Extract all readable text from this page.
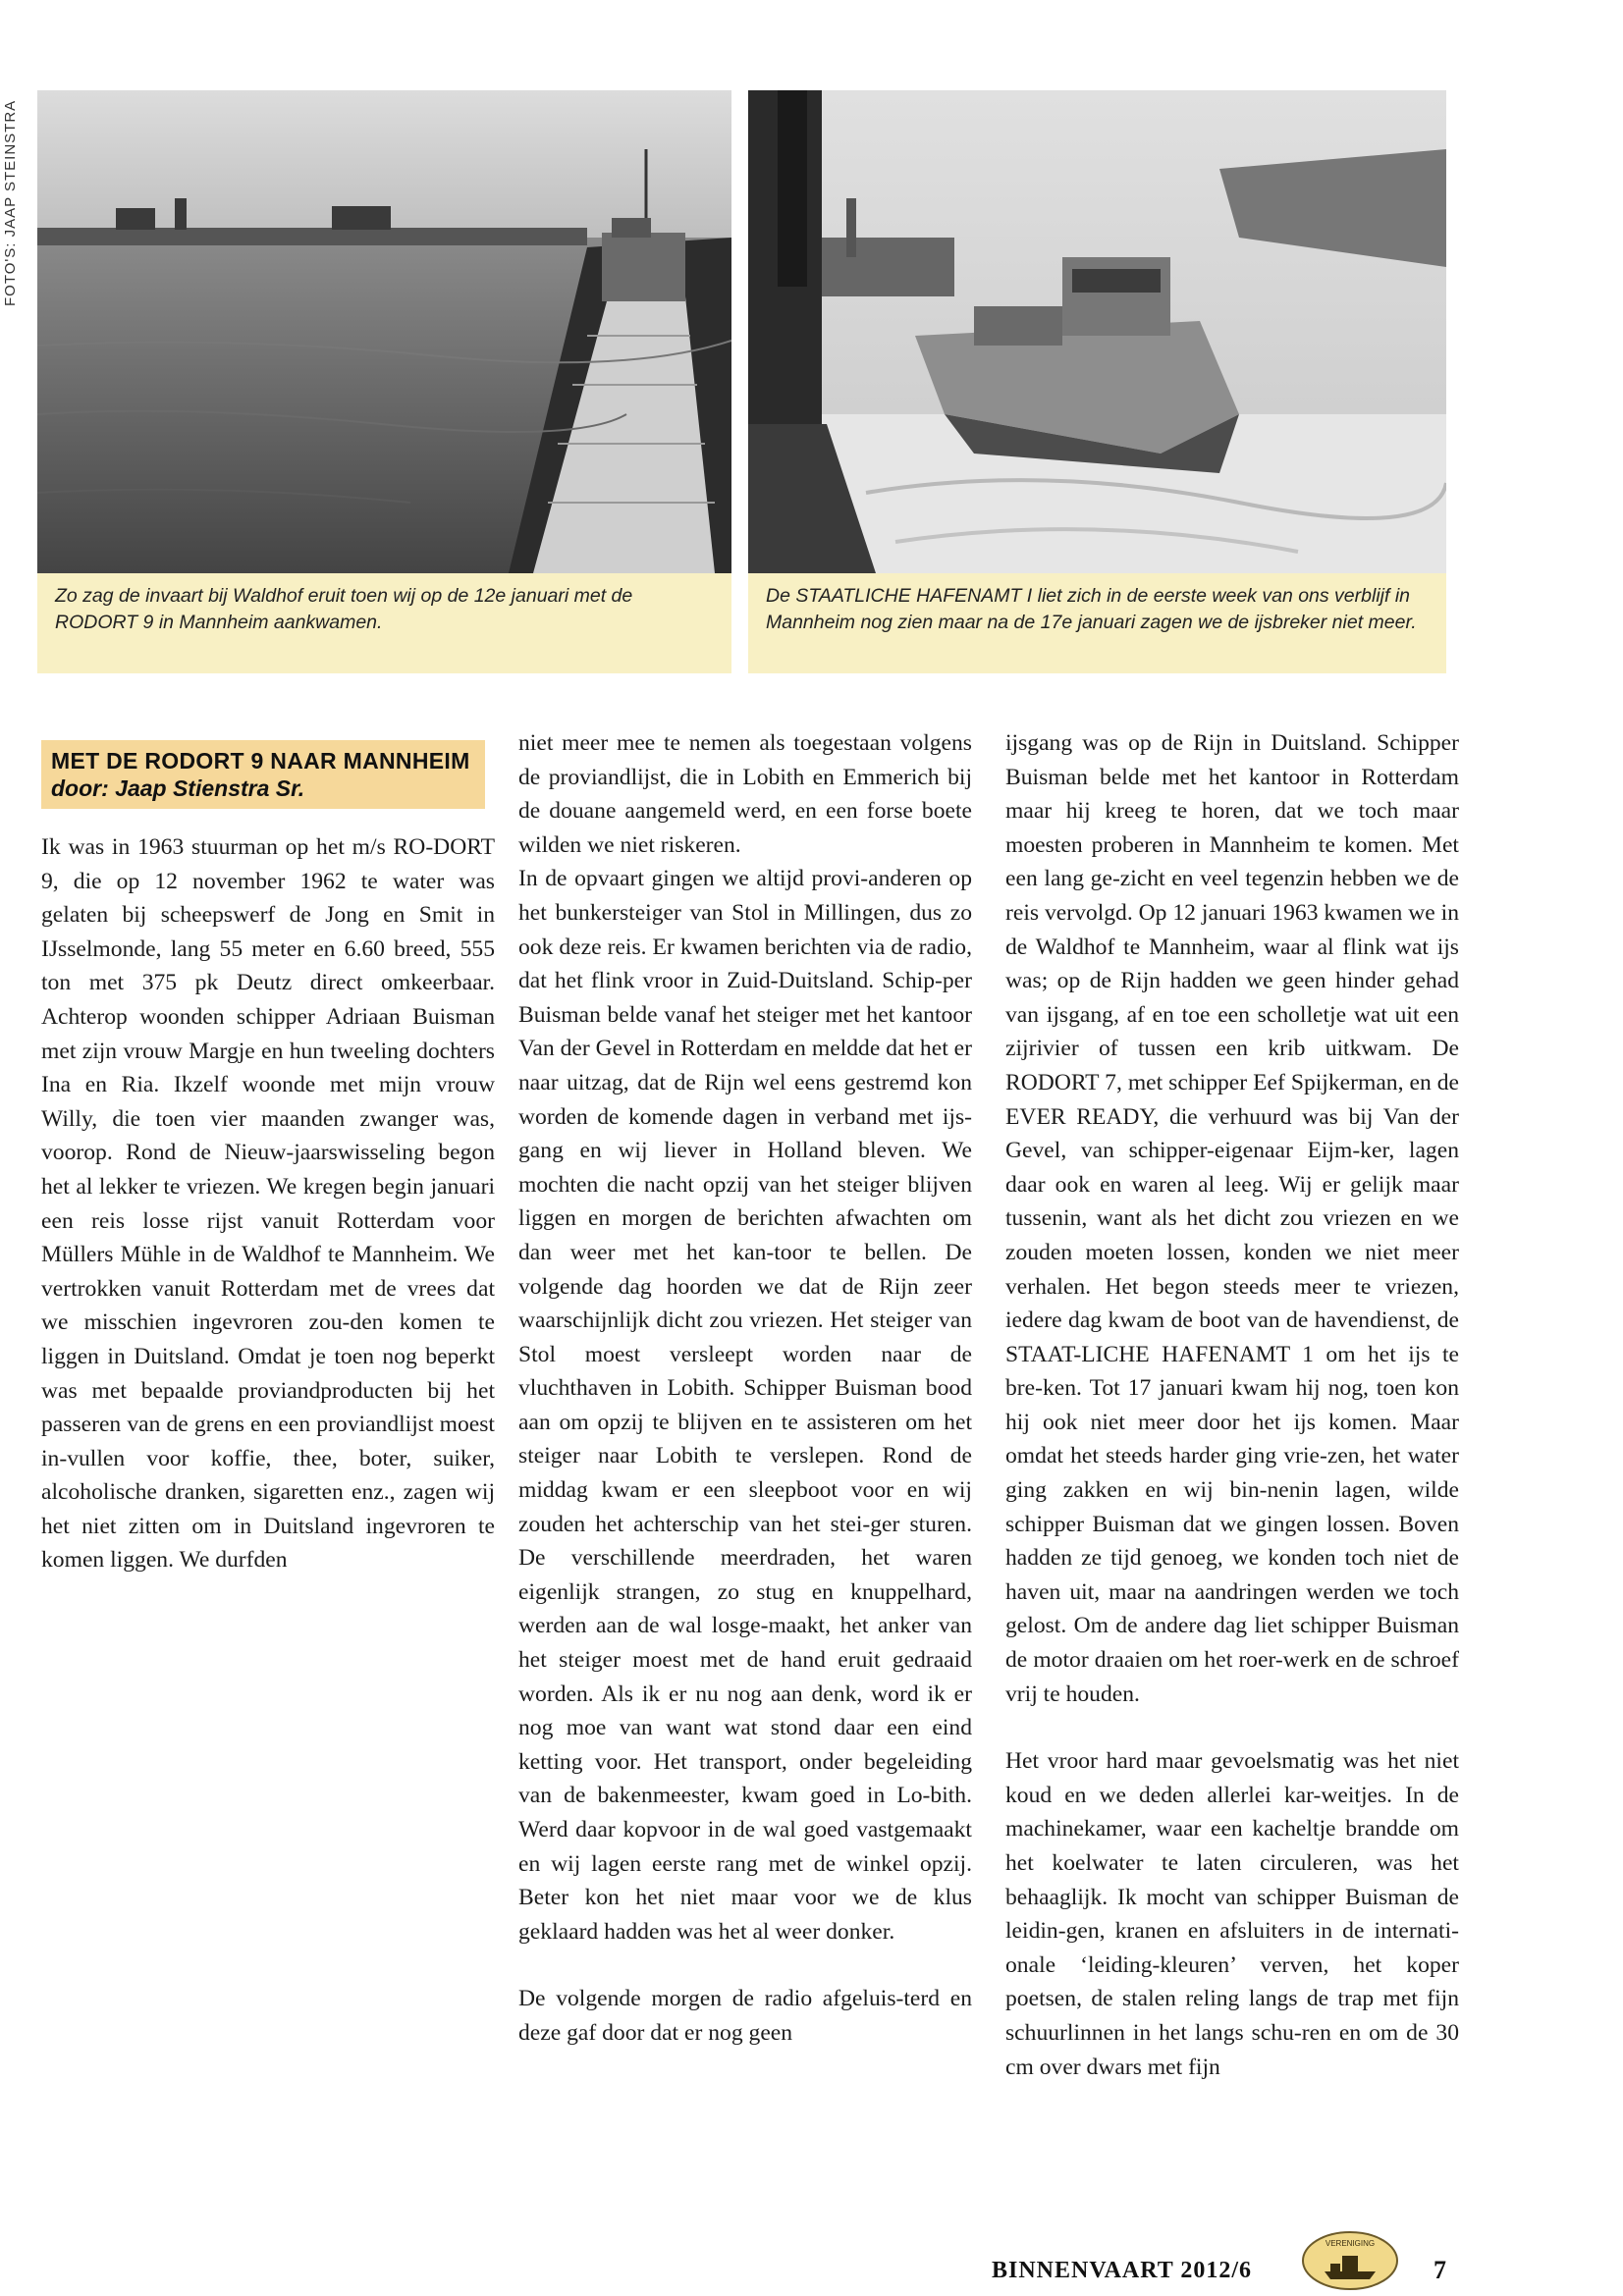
FOTO'S: JAAP STEINSTRA
Zo zag de invaart bij Waldhof eruit toen wij op de 12e januari met de RODORT 9 in Mannheim aankwamen.
De STAATLICHE HAFENAMT I liet zich in de eerste week van ons verblijf in Mannheim nog zien maar na de 17e januari zagen we de ijsbreker niet meer.
MET DE RODORT 9 NAAR MANNHEIM
door: Jaap Stienstra Sr.

Ik was in 1963 stuurman op het m/s RO-DORT 9, die op 12 november 1962 te water was gelaten bij scheepswerf de Jong en Smit in IJsselmonde, lang 55 meter en 6.60 breed, 555 ton met 375 pk Deutz direct omkeerbaar. Achterop woonden schipper Adriaan Buisman met zijn vrouw Margje en hun tweeling dochters Ina en Ria. Ikzelf woonde met mijn vrouw Willy, die toen vier maanden zwanger was, voorop. Rond de Nieuw-jaarswisseling begon het al lekker te vriezen. We kregen begin januari een reis losse rijst vanuit Rotterdam voor Müllers Mühle in de Waldhof te Mannheim. We vertrokken vanuit Rotterdam met de vrees dat we misschien ingevroren zou-den komen te liggen in Duitsland. Omdat je toen nog beperkt was met bepaalde proviandproducten bij het passeren van de grens en een proviandlijst moest in-vullen voor koffie, thee, boter, suiker, alcoholische dranken, sigaretten enz., zagen wij het niet zitten om in Duitsland ingevroren te komen liggen. We durfden

niet meer mee te nemen als toegestaan volgens de proviandlijst, die in Lobith en Emmerich bij de douane aangemeld werd, en een forse boete wilden we niet riskeren.

In de opvaart gingen we altijd provi-anderen op het bunkersteiger van Stol in Millingen, dus zo ook deze reis. Er kwamen berichten via de radio, dat het flink vroor in Zuid-Duitsland. Schip-per Buisman belde vanaf het steiger met het kantoor Van der Gevel in Rotterdam en meldde dat het er naar uitzag, dat de Rijn wel eens gestremd kon worden de komende dagen in verband met ijs-gang en wij liever in Holland bleven. We mochten die nacht opzij van het steiger blijven liggen en morgen de berichten afwachten om dan weer met het kan-toor te bellen. De volgende dag hoorden we dat de Rijn zeer waarschijnlijk dicht zou vriezen. Het steiger van Stol moest versleept worden naar de vluchthaven in Lobith. Schipper Buisman bood aan om opzij te blijven en te assisteren om het steiger naar Lobith te verslepen. Rond de middag kwam er een sleepboot voor en wij zouden het achterschip van het stei-ger sturen. De verschillende meerdraden, het waren eigenlijk strangen, zo stug en knuppelhard, werden aan de wal losge-maakt, het anker van het steiger moest met de hand eruit gedraaid worden. Als ik er nu nog aan denk, word ik er nog moe van want wat stond daar een eind ketting voor. Het transport, onder begeleiding van de bakenmeester, kwam goed in Lo-bith. Werd daar kopvoor in de wal goed vastgemaakt en wij lagen eerste rang met de winkel opzij. Beter kon het niet maar voor we de klus geklaard hadden was het al weer donker.

De volgende morgen de radio afgeluis-terd en deze gaf door dat er nog geen

ijsgang was op de Rijn in Duitsland. Schipper Buisman belde met het kantoor in Rotterdam maar hij kreeg te horen, dat we toch maar moesten proberen in Mannheim te komen. Met een lang ge-zicht en veel tegenzin hebben we de reis vervolgd. Op 12 januari 1963 kwamen we in de Waldhof te Mannheim, waar al flink wat ijs was; op de Rijn hadden we geen hinder gehad van ijsgang, af en toe een scholletje wat uit een zijrivier of tussen een krib uitkwam. De RODORT 7, met schipper Eef Spijkerman, en de EVER READY, die verhuurd was bij Van der Gevel, van schipper-eigenaar Eijm-ker, lagen daar ook en waren al leeg. Wij er gelijk maar tussenin, want als het dicht zou vriezen en we zouden moeten lossen, konden we niet meer verhalen. Het begon steeds meer te vriezen, iedere dag kwam de boot van de havendienst, de STAAT-LICHE HAFENAMT 1 om het ijs te bre-ken. Tot 17 januari kwam hij nog, toen kon hij ook niet meer door het ijs komen. Maar omdat het steeds harder ging vrie-zen, het water ging zakken en wij bin-nenin lagen, wilde schipper Buisman dat we gingen lossen. Boven hadden ze tijd genoeg, we konden toch niet de haven uit, maar na aandringen werden we toch gelost. Om de andere dag liet schipper Buisman de motor draaien om het roer-werk en de schroef vrij te houden.

Het vroor hard maar gevoelsmatig was het niet koud en we deden allerlei kar-weitjes. In de machinekamer, waar een kacheltje brandde om het koelwater te laten circuleren, was het behaaglijk. Ik mocht van schipper Buisman de leidin-gen, kranen en afsluiters in de internati-onale ‘leiding-kleuren’ verven, het koper poetsen, de stalen reling langs de trap met fijn schuurlinnen in het langs schu-ren en om de 30 cm over dwars met fijn

BINNENVAART 2012/6
VERENIGING
7
